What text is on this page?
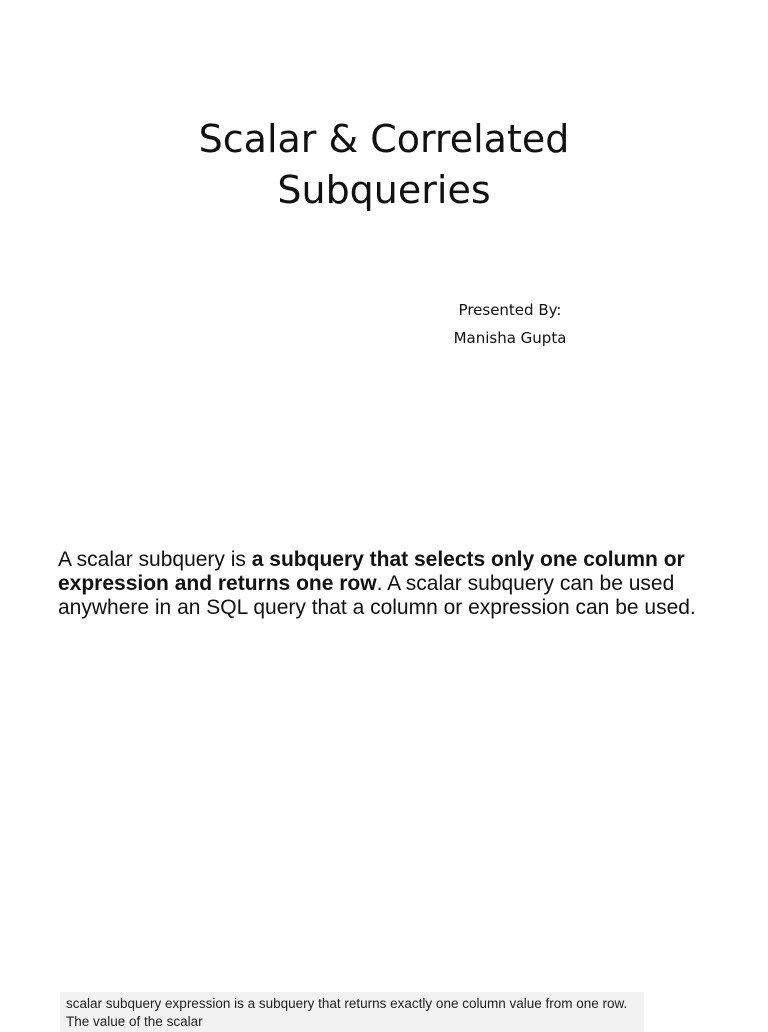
Scalar & Correlated
Subqueries
Presented By:
Manisha Gupta

A scalar subquery is a subquery that selects only one column or expression and returns one row. A scalar subquery can be used anywhere in an SQL query that a column or expression can be used.

scalar subquery expression is a subquery that returns exactly one column value from one row. The value of the scalar
